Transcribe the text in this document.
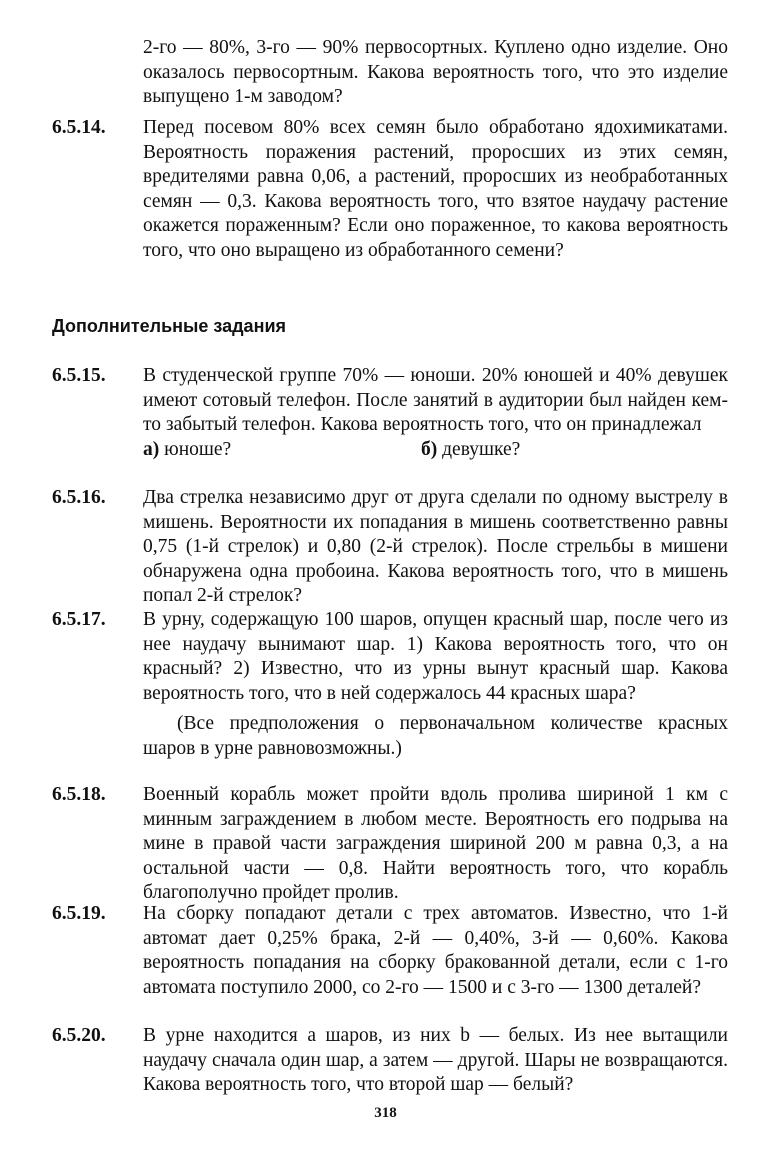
2-го — 80%, 3-го — 90% первосортных. Куплено одно изделие. Оно оказалось первосортным. Какова вероятность того, что это изделие выпущено 1-м заводом?
6.5.14. Перед посевом 80% всех семян было обработано ядохимикатами. Вероятность поражения растений, проросших из этих семян, вредителями равна 0,06, а растений, проросших из необработанных семян — 0,3. Какова вероятность того, что взятое наудачу растение окажется пораженным? Если оно пораженное, то какова вероятность того, что оно выращено из обработанного семени?
Дополнительные задания
6.5.15. В студенческой группе 70% — юноши. 20% юношей и 40% девушек имеют сотовый телефон. После занятий в аудитории был найден кем-то забытый телефон. Какова вероятность того, что он принадлежал
а) юноше?	б) девушке?
6.5.16. Два стрелка независимо друг от друга сделали по одному выстрелу в мишень. Вероятности их попадания в мишень соответственно равны 0,75 (1-й стрелок) и 0,80 (2-й стрелок). После стрельбы в мишени обнаружена одна пробоина. Какова вероятность того, что в мишень попал 2-й стрелок?
6.5.17. В урну, содержащую 100 шаров, опущен красный шар, после чего из нее наудачу вынимают шар. 1) Какова вероятность того, что он красный? 2) Известно, что из урны вынут красный шар. Какова вероятность того, что в ней содержалось 44 красных шара?
(Все предположения о первоначальном количестве красных шаров в урне равновозможны.)
6.5.18. Военный корабль может пройти вдоль пролива шириной 1 км с минным заграждением в любом месте. Вероятность его подрыва на мине в правой части заграждения шириной 200 м равна 0,3, а на остальной части — 0,8. Найти вероятность того, что корабль благополучно пройдет пролив.
6.5.19. На сборку попадают детали с трех автоматов. Известно, что 1-й автомат дает 0,25% брака, 2-й — 0,40%, 3-й — 0,60%. Какова вероятность попадания на сборку бракованной детали, если с 1-го автомата поступило 2000, со 2-го — 1500 и с 3-го — 1300 деталей?
6.5.20. В урне находится a шаров, из них b — белых. Из нее вытащили наудачу сначала один шар, а затем — другой. Шары не возвращаются. Какова вероятность того, что второй шар — белый?
318
